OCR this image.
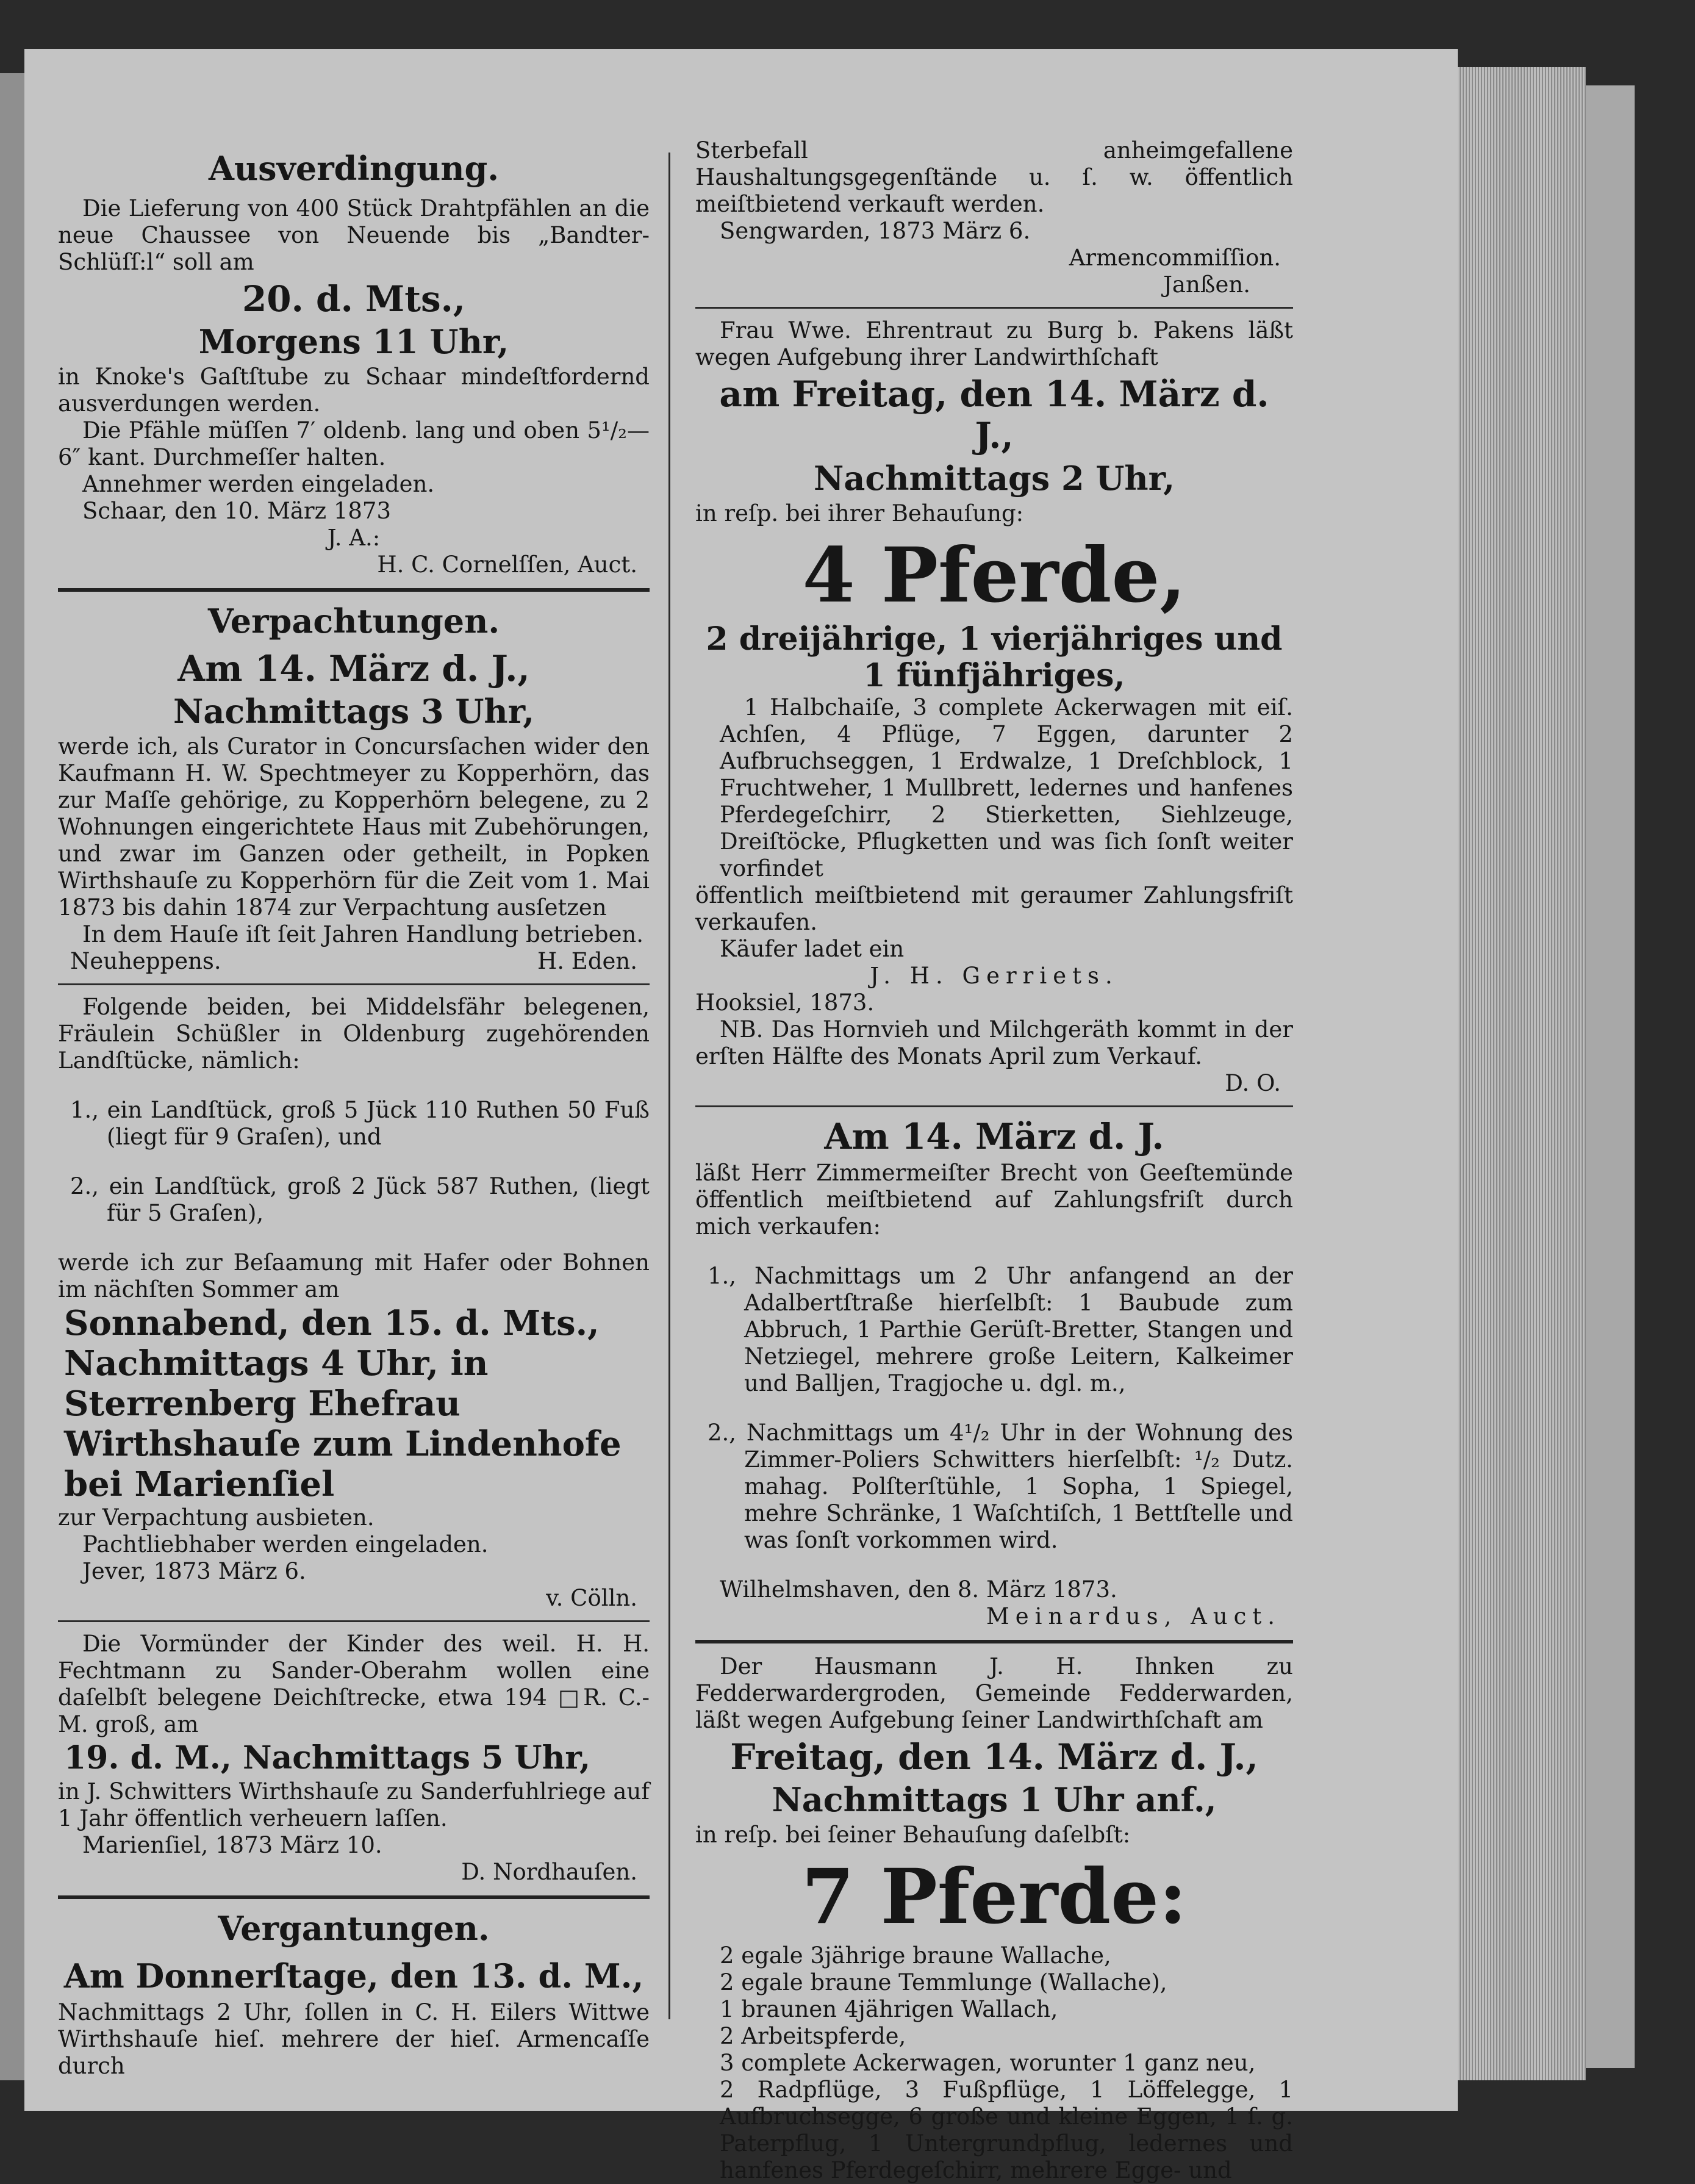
Ausverdingung.

Die Lieferung von 400 Stück Drahtpfählen an die neue Chaussee von Neuende bis „Bandter-Schlüſſ:l“ soll am

20. d. Mts.,
Morgens 11 Uhr,

in Knoke's Gaſtſtube zu Schaar mindeſtfordernd ausverdungen werden.

Die Pfähle müſſen 7′ oldenb. lang und oben 5¹/₂—6″ kant. Durchmeſſer halten.

Annehmer werden eingeladen.

Schaar, den 10. März 1873

J. A.:
H. C. Cornelſſen, Auct.
Verpachtungen.
Am 14. März d. J.,
Nachmittags 3 Uhr,

werde ich, als Curator in Concursſachen wider den Kaufmann H. W. Spechtmeyer zu Kopperhörn, das zur Maſſe gehörige, zu Kopperhörn belegene, zu 2 Wohnungen eingerichtete Haus mit Zubehörungen, und zwar im Ganzen oder getheilt, in Popken Wirthshauſe zu Kopperhörn für die Zeit vom 1. Mai 1873 bis dahin 1874 zur Verpachtung ausſetzen

In dem Hauſe iſt ſeit Jahren Handlung betrieben.

Neuheppens.	H. Eden.

Folgende beiden, bei Middelsfähr belegenen, Fräulein Schüßler in Oldenburg zugehörenden Landſtücke, nämlich:

1., ein Landſtück, groß 5 Jück 110 Ruthen 50 Fuß (liegt für 9 Graſen), und

2., ein Landſtück, groß 2 Jück 587 Ruthen, (liegt für 5 Graſen),

werde ich zur Beſaamung mit Hafer oder Bohnen im nächſten Sommer am

Sonnabend, den 15. d. Mts., Nachmittags 4 Uhr, in Sterrenberg Ehefrau Wirthshauſe zum Lindenhofe bei Marienſiel

zur Verpachtung ausbieten.

Pachtliebhaber werden eingeladen.

Jever, 1873 März 6.

v. Cölln.

Die Vormünder der Kinder des weil. H. H. Fechtmann zu Sander-Oberahm wollen eine daſelbſt belegene Deichſtrecke, etwa 194 □R. C.-M. groß, am

19. d. M., Nachmittags 5 Uhr,

in J. Schwitters Wirthshauſe zu Sanderfuhlriege auf 1 Jahr öffentlich verheuern laſſen.

Marienſiel, 1873 März 10.

D. Nordhauſen.
Vergantungen.
Am Donnerſtage, den 13. d. M.,

Nachmittags 2 Uhr, ſollen in C. H. Eilers Wittwe Wirthshauſe hieſ. mehrere der hieſ. Armencaſſe durch

Sterbefall anheimgefallene Haushaltungsgegenſtände u. ſ. w. öffentlich meiſtbietend verkauft werden.

Sengwarden, 1873 März 6.

Armencommiſſion.
Janßen.

Frau Wwe. Ehrentraut zu Burg b. Pakens läßt wegen Aufgebung ihrer Landwirthſchaft

am Freitag, den 14. März d. J.,
Nachmittags 2 Uhr,

in reſp. bei ihrer Behauſung:

4 Pferde,
2 dreijährige, 1 vierjähriges und
1 fünfjähriges,

1 Halbchaiſe, 3 complete Ackerwagen mit eiſ. Achſen, 4 Pflüge, 7 Eggen, darunter 2 Aufbruchseggen, 1 Erdwalze, 1 Dreſchblock, 1 Fruchtweher, 1 Mullbrett, ledernes und hanfenes Pferdegeſchirr, 2 Stierketten, Siehlzeuge, Dreiſtöcke, Pflugketten und was ſich ſonſt weiter vorfindet

öffentlich meiſtbietend mit geraumer Zahlungsfriſt verkaufen.

Käufer ladet ein

J. H. Gerriets.

Hooksiel, 1873.

NB. Das Hornvieh und Milchgeräth kommt in der erſten Hälfte des Monats April zum Verkauf.

D. O.
Am 14. März d. J.

läßt Herr Zimmermeiſter Brecht von Geeſtemünde öffentlich meiſtbietend auf Zahlungsfriſt durch mich verkaufen:

1., Nachmittags um 2 Uhr anfangend an der Adalbertſtraße hierſelbſt: 1 Baubude zum Abbruch, 1 Parthie Gerüſt-Bretter, Stangen und Netziegel, mehrere große Leitern, Kalkeimer und Balljen, Tragjoche u. dgl. m.,

2., Nachmittags um 4¹/₂ Uhr in der Wohnung des Zimmer-Poliers Schwitters hierſelbſt: ¹/₂ Dutz. mahag. Polſterſtühle, 1 Sopha, 1 Spiegel, mehre Schränke, 1 Waſchtiſch, 1 Bettſtelle und was ſonſt vorkommen wird.

Wilhelmshaven, den 8. März 1873.

Meinardus, Auct.

Der Hausmann J. H. Ihnken zu Fedderwardergroden, Gemeinde Fedderwarden, läßt wegen Aufgebung ſeiner Landwirthſchaft am

Freitag, den 14. März d. J.,
Nachmittags 1 Uhr anf.,

in reſp. bei ſeiner Behauſung daſelbſt:

7 Pferde:

2 egale 3jährige braune Wallache,

2 egale braune Temmlunge (Wallache),

1 braunen 4jährigen Wallach,

2 Arbeitspferde,

3 complete Ackerwagen, worunter 1 ganz neu,

2 Radpflüge, 3 Fußpflüge, 1 Löffelegge, 1 Aufbruchsegge, 6 große und kleine Eggen, 1 ſ. g. Paterpflug, 1 Untergrundpflug, ledernes und hanfenes Pferdegeſchirr, mehrere Egge- und
